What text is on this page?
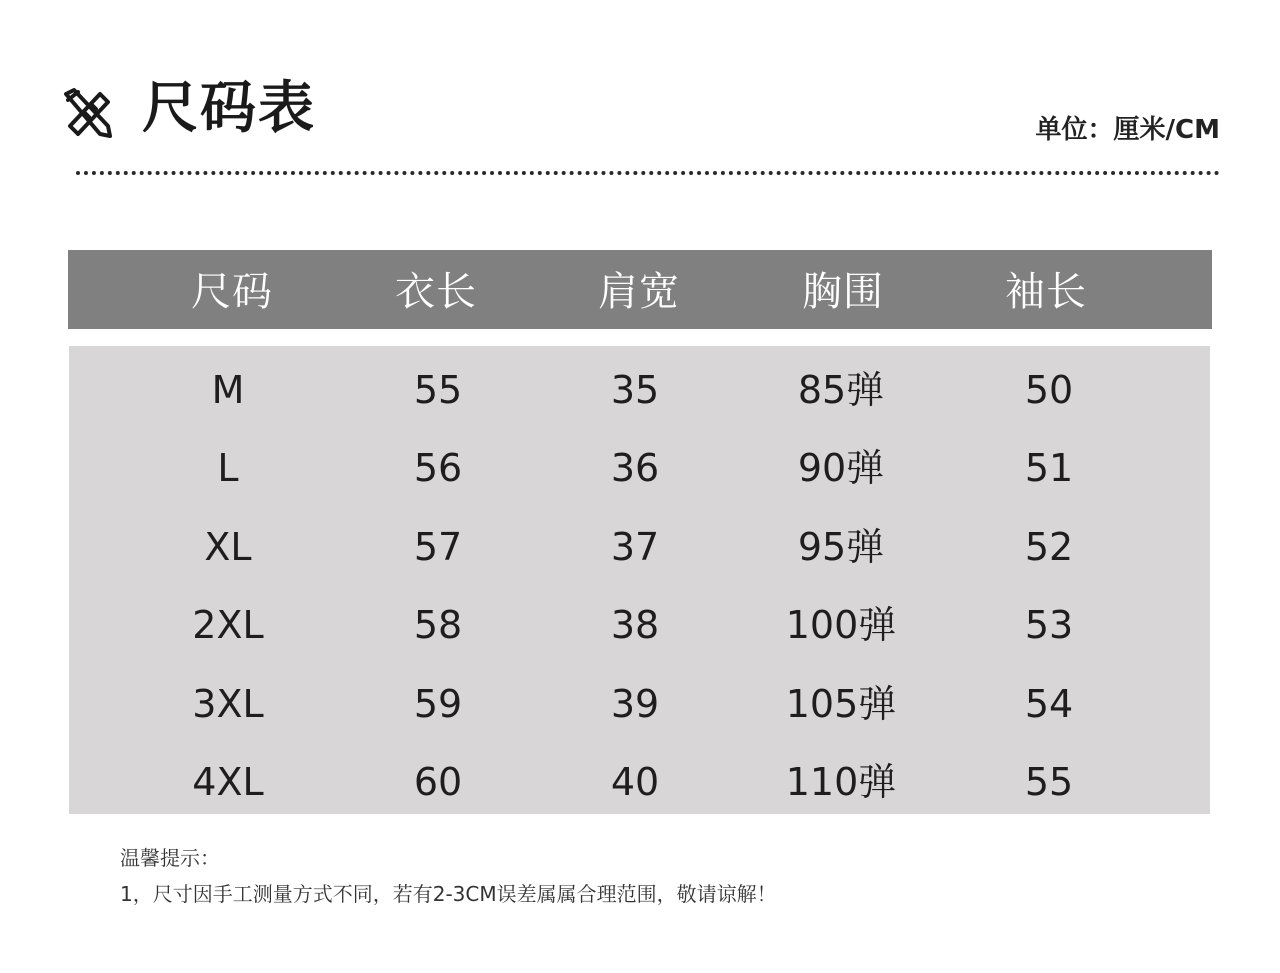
尺码表	单位：厘米/CM
尺码	衣长	肩宽	胸围	袖长
M	55	35	85弹	50
L	56	36	90弹	51
XL	57	37	95弹	52
2XL	58	38	100弹	53
3XL	59	39	105弹	54
4XL	60	40	110弹	55
温馨提示：
1，尺寸因手工测量方式不同，若有2-3CM误差属属合理范围，敬请谅解！
